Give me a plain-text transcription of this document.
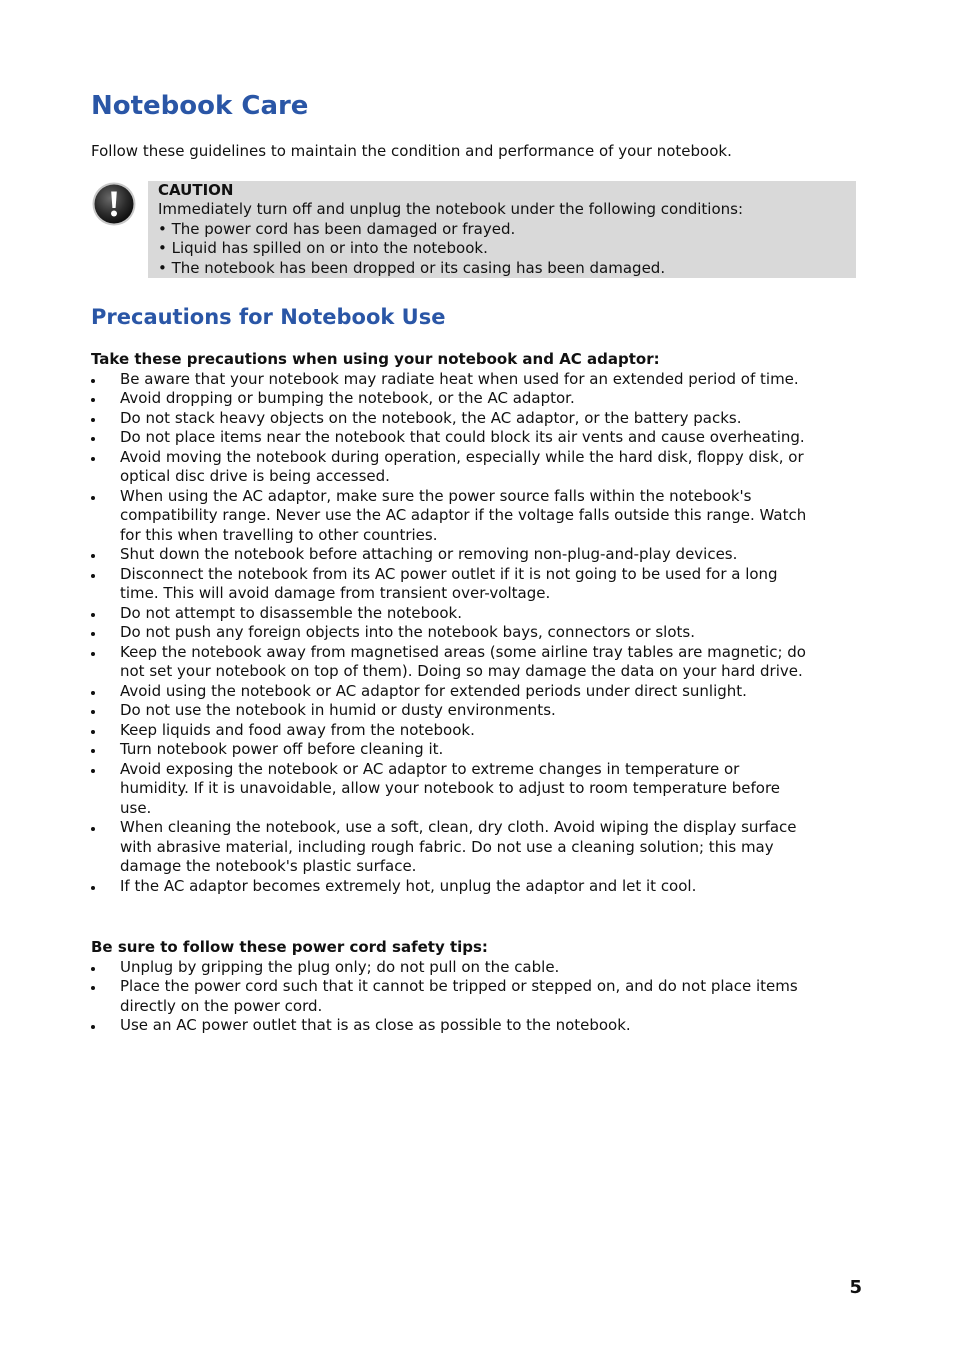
Notebook Care

Follow these guidelines to maintain the condition and performance of your notebook.

CAUTION

Immediately turn off and unplug the notebook under the following conditions:

• The power cord has been damaged or frayed.

• Liquid has spilled on or into the notebook.

• The notebook has been dropped or its casing has been damaged.

Precautions for Notebook Use

Take these precautions when using your notebook and AC adaptor:

Be aware that your notebook may radiate heat when used for an extended period of time.
Avoid dropping or bumping the notebook, or the AC adaptor.
Do not stack heavy objects on the notebook, the AC adaptor, or the battery packs.
Do not place items near the notebook that could block its air vents and cause overheating.
Avoid moving the notebook during operation, especially while the hard disk, floppy disk, or
optical disc drive is being accessed.
When using the AC adaptor, make sure the power source falls within the notebook's
compatibility range. Never use the AC adaptor if the voltage falls outside this range. Watch
for this when travelling to other countries.
Shut down the notebook before attaching or removing non-plug-and-play devices.
Disconnect the notebook from its AC power outlet if it is not going to be used for a long
time. This will avoid damage from transient over-voltage.
Do not attempt to disassemble the notebook.
Do not push any foreign objects into the notebook bays, connectors or slots.
Keep the notebook away from magnetised areas (some airline tray tables are magnetic; do
not set your notebook on top of them). Doing so may damage the data on your hard drive.
Avoid using the notebook or AC adaptor for extended periods under direct sunlight.
Do not use the notebook in humid or dusty environments.
Keep liquids and food away from the notebook.
Turn notebook power off before cleaning it.
Avoid exposing the notebook or AC adaptor to extreme changes in temperature or
humidity. If it is unavoidable, allow your notebook to adjust to room temperature before
use.
When cleaning the notebook, use a soft, clean, dry cloth. Avoid wiping the display surface
with abrasive material, including rough fabric. Do not use a cleaning solution; this may
damage the notebook's plastic surface.
If the AC adaptor becomes extremely hot, unplug the adaptor and let it cool.

Be sure to follow these power cord safety tips:

Unplug by gripping the plug only; do not pull on the cable.
Place the power cord such that it cannot be tripped or stepped on, and do not place items
directly on the power cord.
Use an AC power outlet that is as close as possible to the notebook.
5
